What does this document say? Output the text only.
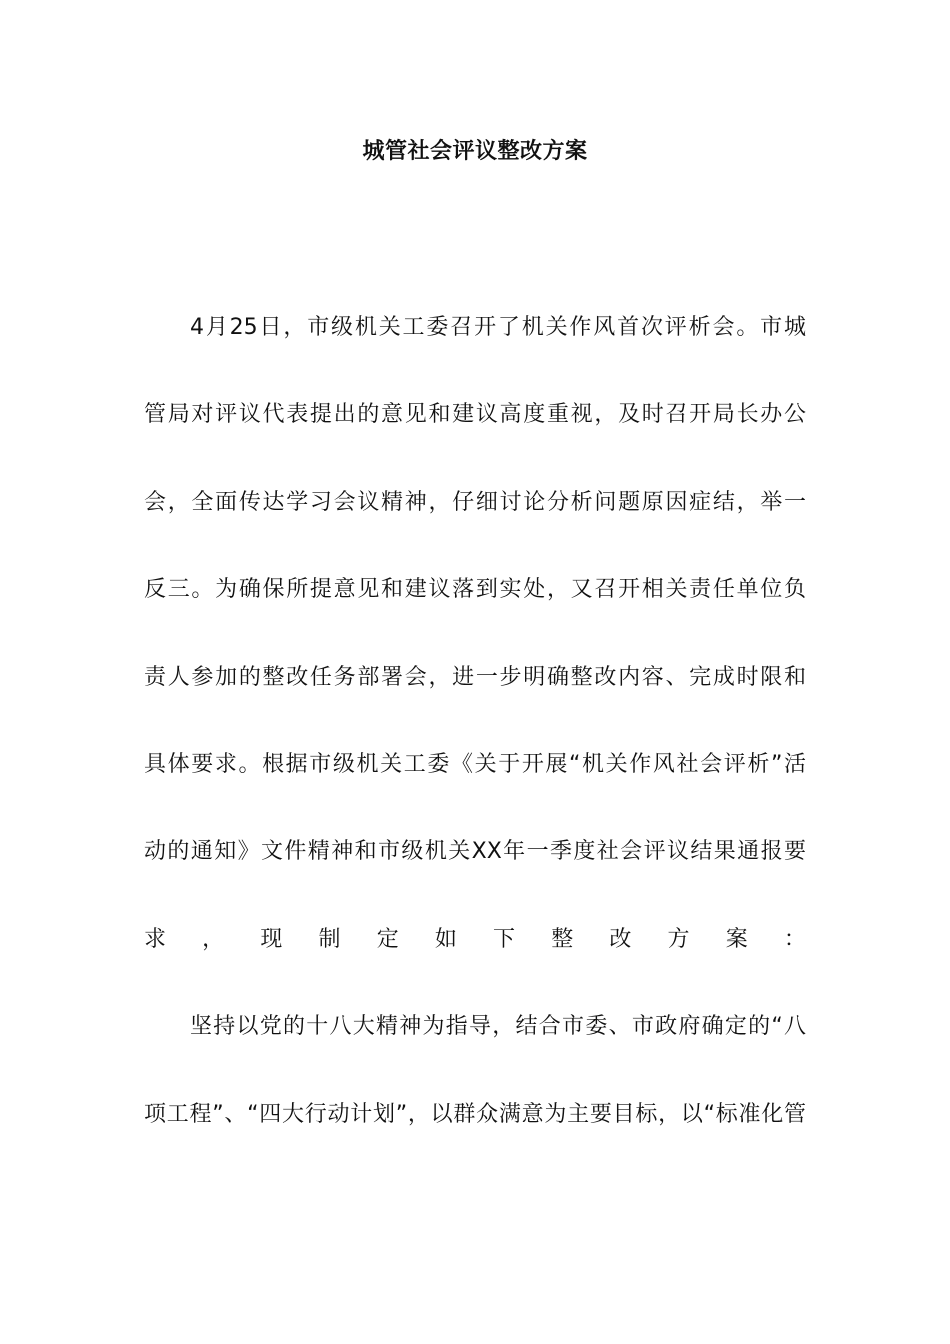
城管社会评议整改方案
4月25日，市级机关工委召开了机关作风首次评析会。市城
管局对评议代表提出的意见和建议高度重视，及时召开局长办公
会，全面传达学习会议精神，仔细讨论分析问题原因症结，举一
反三。为确保所提意见和建议落到实处，又召开相关责任单位负
责人参加的整改任务部署会，进一步明确整改内容、完成时限和
具体要求。根据市级机关工委《关于开展“机关作风社会评析”活
动的通知》文件精神和市级机关XX年一季度社会评议结果通报要
求 ， 现 制 定 如 下 整 改 方 案 ：
坚持以党的十八大精神为指导，结合市委、市政府确定的“八
项工程”、“四大行动计划”，以群众满意为主要目标，以“标准化管
